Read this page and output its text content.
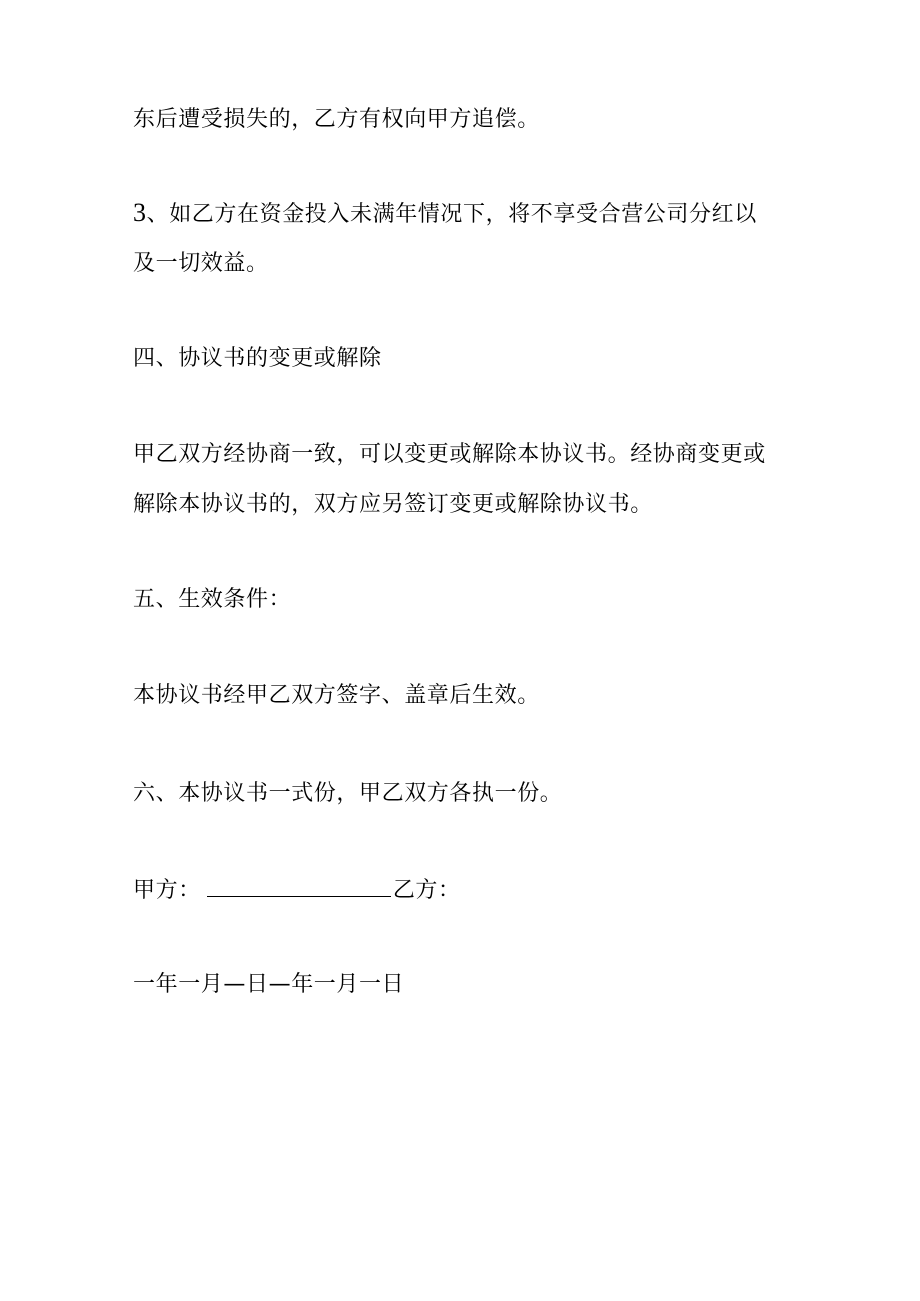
东后遭受损失的，乙方有权向甲方追偿。
3、如乙方在资金投入未满年情况下，将不享受合营公司分红以
及一切效益。
四、协议书的变更或解除
甲乙双方经协商一致，可以变更或解除本协议书。经协商变更或
解除本协议书的，双方应另签订变更或解除协议书。
五、生效条件：
本协议书经甲乙双方签字、盖章后生效。
六、本协议书一式份，甲乙双方各执一份。
甲方：	乙方：
一年一月—日—年一月一日
